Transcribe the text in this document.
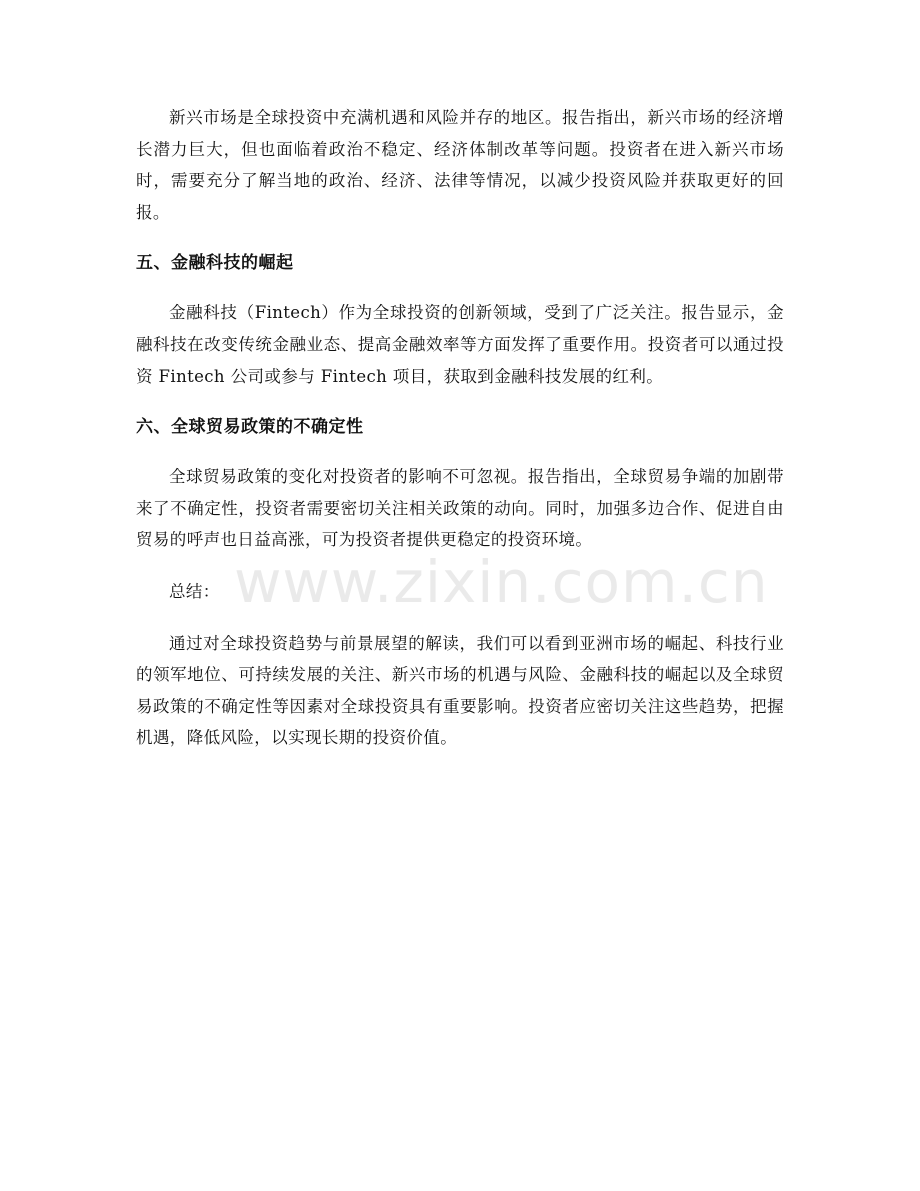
新兴市场是全球投资中充满机遇和风险并存的地区。报告指出，新兴市场的经济增长潜力巨大，但也面临着政治不稳定、经济体制改革等问题。投资者在进入新兴市场时，需要充分了解当地的政治、经济、法律等情况，以减少投资风险并获取更好的回报。

五、金融科技的崛起

金融科技（Fintech）作为全球投资的创新领域，受到了广泛关注。报告显示，金融科技在改变传统金融业态、提高金融效率等方面发挥了重要作用。投资者可以通过投资 Fintech 公司或参与 Fintech 项目，获取到金融科技发展的红利。

六、全球贸易政策的不确定性

全球贸易政策的变化对投资者的影响不可忽视。报告指出，全球贸易争端的加剧带来了不确定性，投资者需要密切关注相关政策的动向。同时，加强多边合作、促进自由贸易的呼声也日益高涨，可为投资者提供更稳定的投资环境。

总结：

通过对全球投资趋势与前景展望的解读，我们可以看到亚洲市场的崛起、科技行业的领军地位、可持续发展的关注、新兴市场的机遇与风险、金融科技的崛起以及全球贸易政策的不确定性等因素对全球投资具有重要影响。投资者应密切关注这些趋势，把握机遇，降低风险，以实现长期的投资价值。

www.zixin.com.cn
